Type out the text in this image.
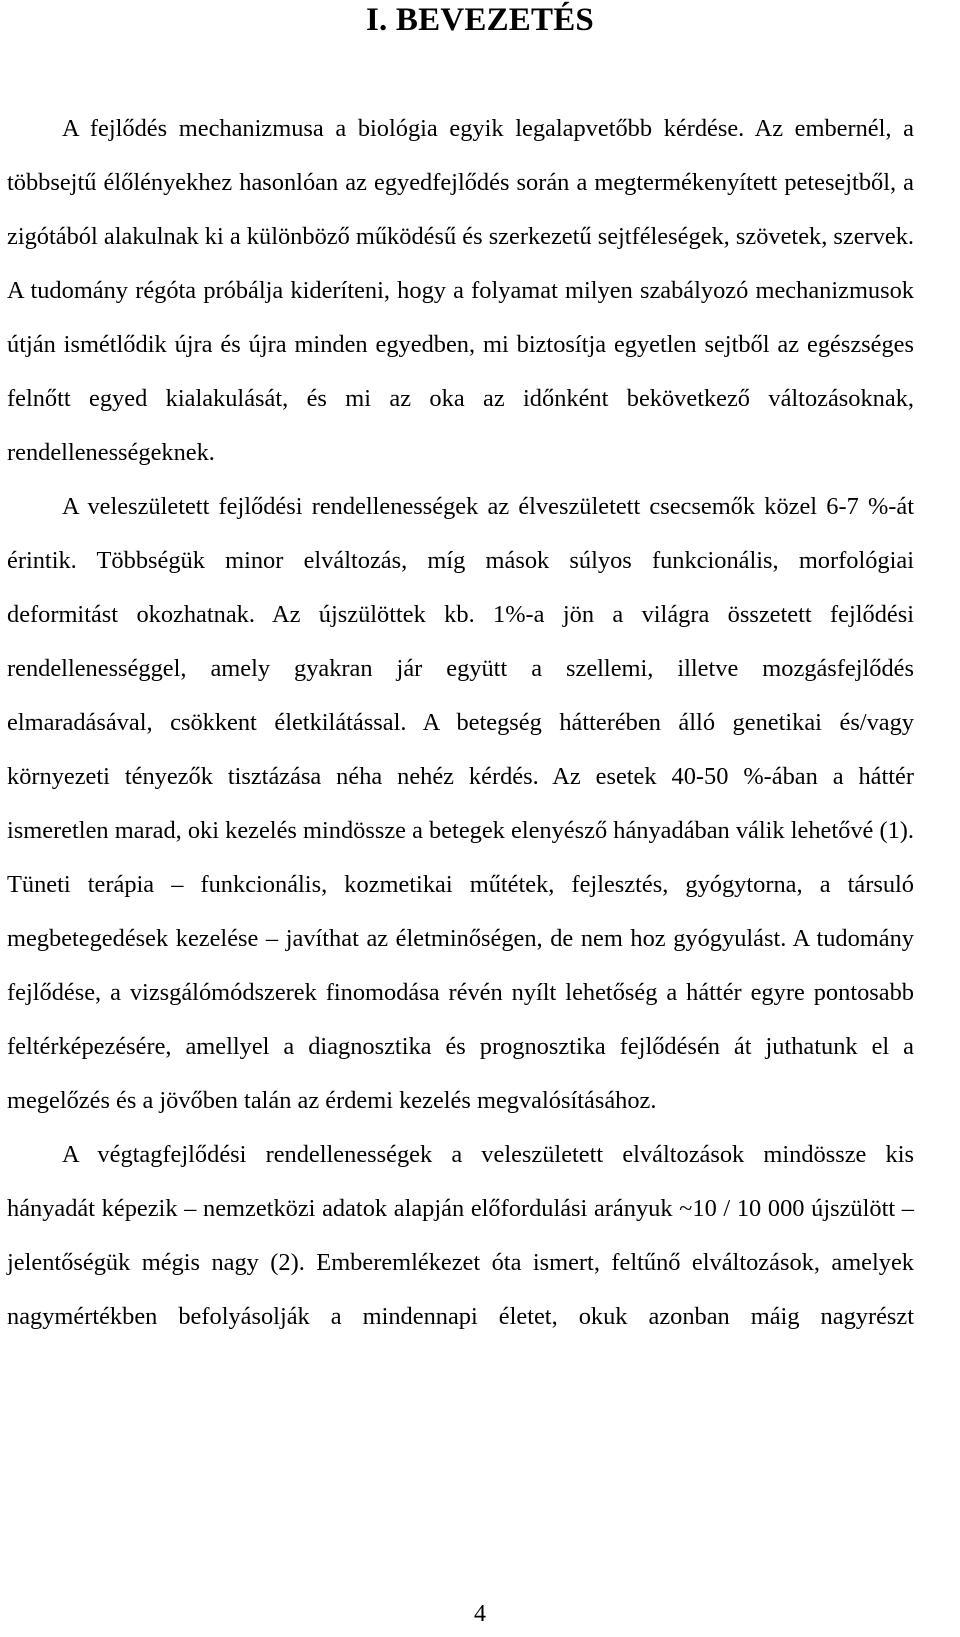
I. BEVEZETÉS

A fejlődés mechanizmusa a biológia egyik legalapvetőbb kérdése. Az embernél, a többsejtű élőlényekhez hasonlóan az egyedfejlődés során a megtermékenyített petesejtből, a zigótából alakulnak ki a különböző működésű és szerkezetű sejtféleségek, szövetek, szervek. A tudomány régóta próbálja kideríteni, hogy a folyamat milyen szabályozó mechanizmusok útján ismétlődik újra és újra minden egyedben, mi biztosítja egyetlen sejtből az egészséges felnőtt egyed kialakulását, és mi az oka az időnként bekövetkező változásoknak, rendellenességeknek.

A veleszületett fejlődési rendellenességek az élveszületett csecsemők közel 6-7 %-át érintik. Többségük minor elváltozás, míg mások súlyos funkcionális, morfológiai deformitást okozhatnak. Az újszülöttek kb. 1%-a jön a világra összetett fejlődési rendellenességgel, amely gyakran jár együtt a szellemi, illetve mozgásfejlődés elmaradásával, csökkent életkilátással. A betegség hátterében álló genetikai és/vagy környezeti tényezők tisztázása néha nehéz kérdés. Az esetek 40-50 %-ában a háttér ismeretlen marad, oki kezelés mindössze a betegek elenyésző hányadában válik lehetővé (1). Tüneti terápia – funkcionális, kozmetikai műtétek, fejlesztés, gyógytorna, a társuló megbetegedések kezelése – javíthat az életminőségen, de nem hoz gyógyulást. A tudomány fejlődése, a vizsgálómódszerek finomodása révén nyílt lehetőség a háttér egyre pontosabb feltérképezésére, amellyel a diagnosztika és prognosztika fejlődésén át juthatunk el a megelőzés és a jövőben talán az érdemi kezelés megvalósításához.

A végtagfejlődési rendellenességek a veleszületett elváltozások mindössze kis hányadát képezik – nemzetközi adatok alapján előfordulási arányuk ~10 / 10 000 újszülött – jelentőségük mégis nagy (2). Emberemlékezet óta ismert, feltűnő elváltozások, amelyek nagymértékben befolyásolják a mindennapi életet, okuk azonban máig nagyrészt

4
